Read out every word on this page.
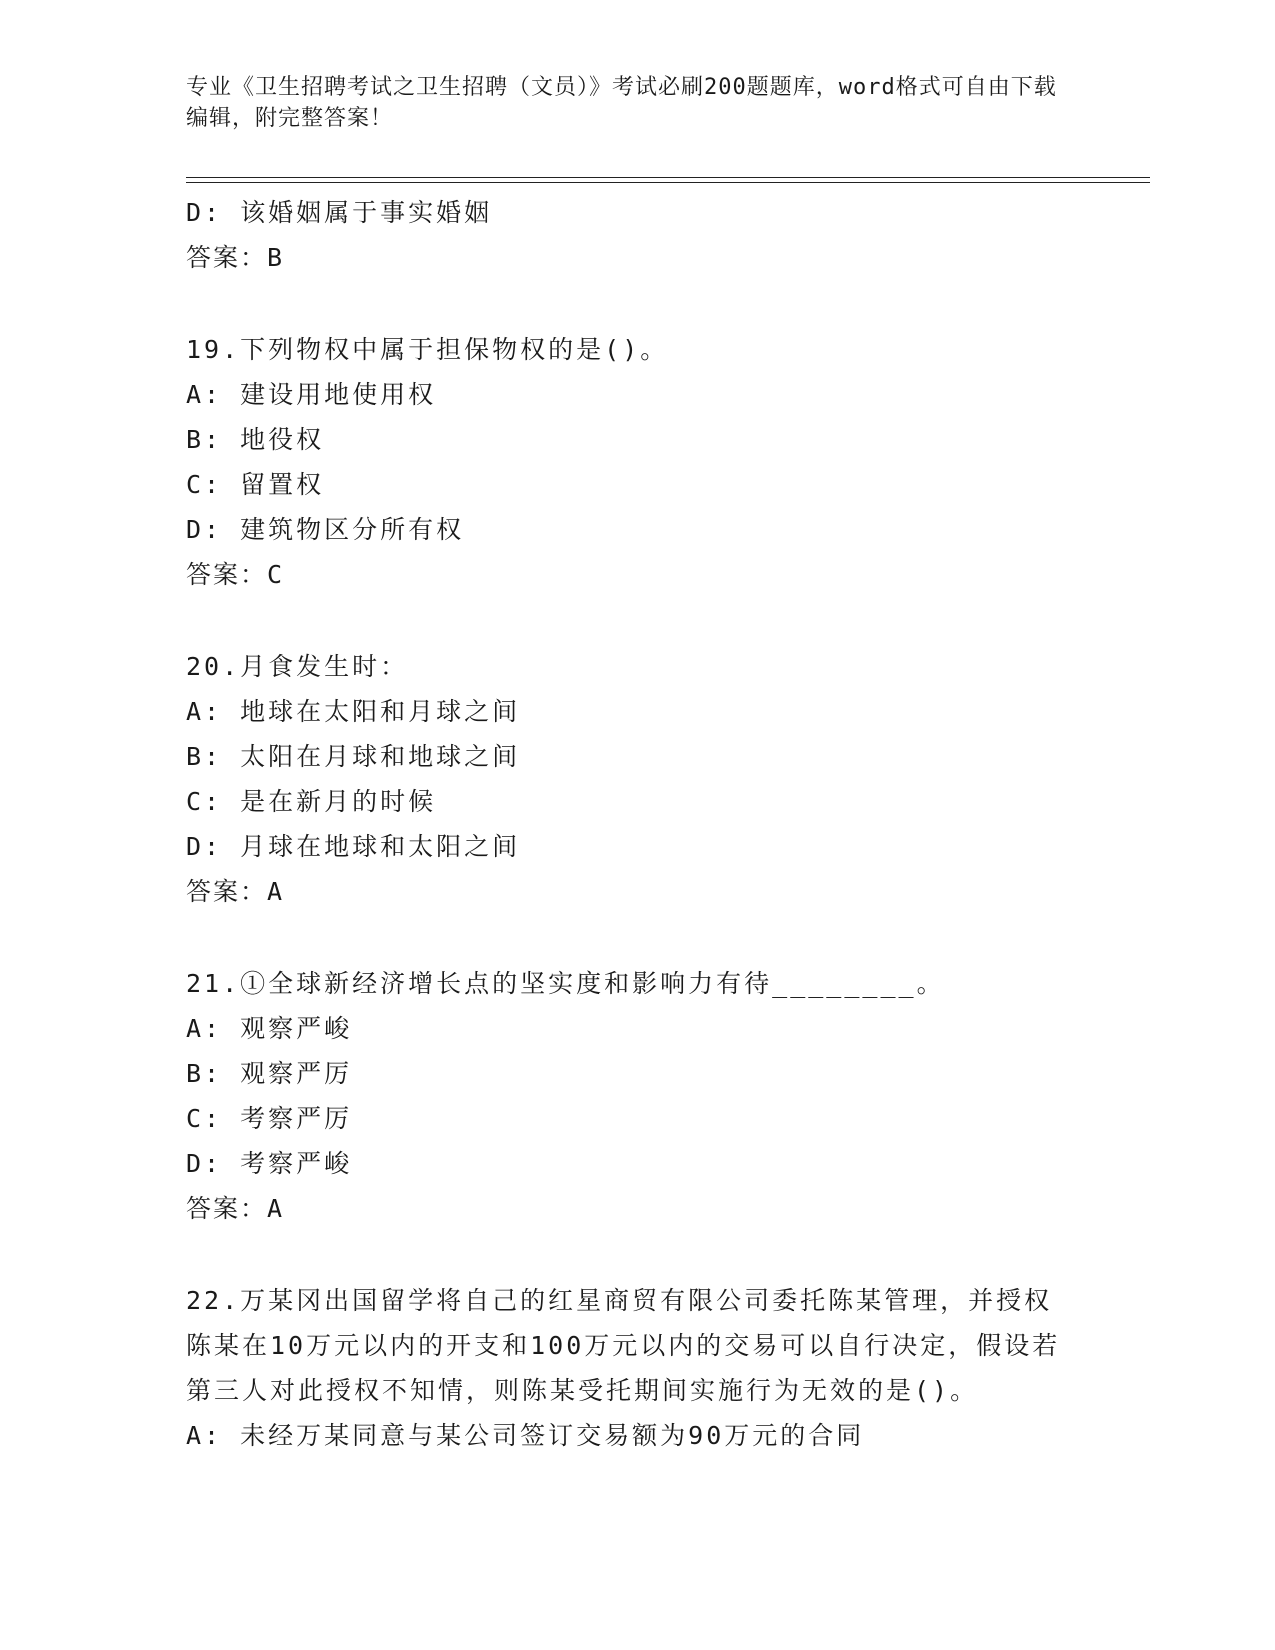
专业《卫生招聘考试之卫生招聘（文员）》考试必刷200题题库，word格式可自由下载编辑，附完整答案！
D: 该婚姻属于事实婚姻
答案：B
19.下列物权中属于担保物权的是()。
A: 建设用地使用权
B: 地役权
C: 留置权
D: 建筑物区分所有权
答案：C
20.月食发生时：
A: 地球在太阳和月球之间
B: 太阳在月球和地球之间
C: 是在新月的时候
D: 月球在地球和太阳之间
答案：A
21.①全球新经济增长点的坚实度和影响力有待________。
A: 观察严峻
B: 观察严厉
C: 考察严厉
D: 考察严峻
答案：A
22.万某冈出国留学将自己的红星商贸有限公司委托陈某管理，并授权陈某在10万元以内的开支和100万元以内的交易可以自行决定，假设若第三人对此授权不知情，则陈某受托期间实施行为无效的是()。
A: 未经万某同意与某公司签订交易额为90万元的合同
